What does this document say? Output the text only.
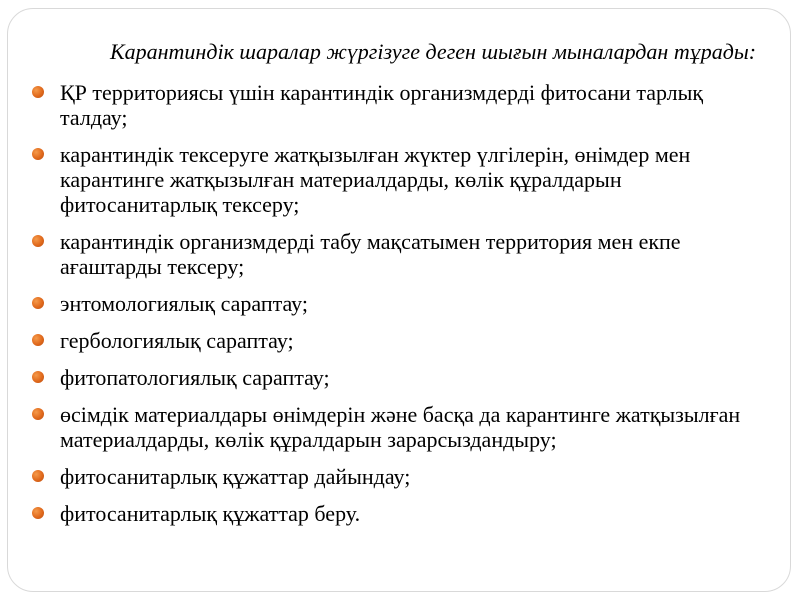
Карантиндік шаралар жүргізуге деген шығын мыналардан тұрады:

ҚР территориясы үшін карантиндік организмдерді фитосани тарлық талдау;
карантиндік тексеруге жатқызылған жүктер үлгілерін, өнімдер мен карантинге жатқызылған материалдарды, көлік құралдарын фитосанитарлық тексеру;
карантиндік организмдерді табу мақсатымен территория мен екпе ағаштарды тексеру;
энтомологиялық сараптау;
гербологиялық сараптау;
фитопатологиялық сараптау;
өсімдік материалдары өнімдерін және басқа да карантинге жатқызылған материалдарды, көлік құралдарын зарарсыздандыру;
фитосанитарлық құжаттар дайындау;
фитосанитарлық құжаттар беру.
